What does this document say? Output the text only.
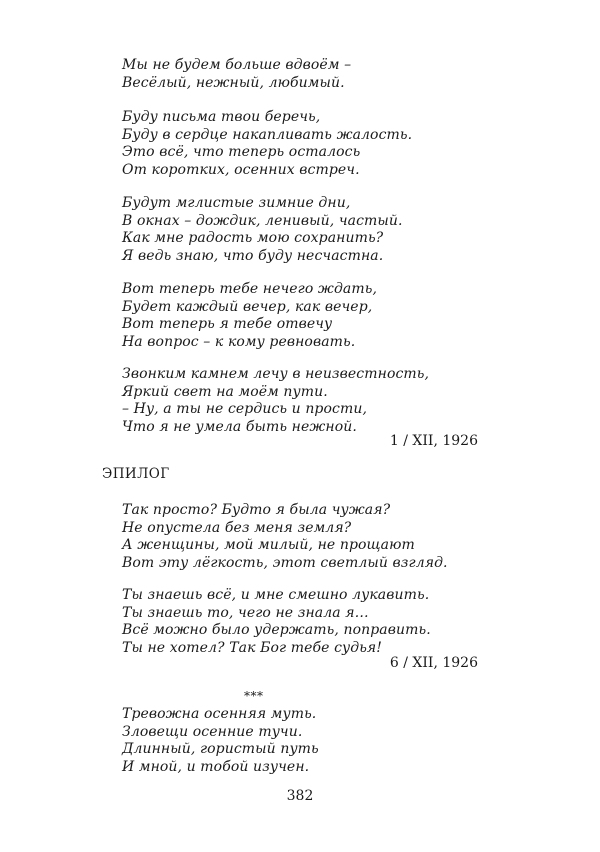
Мы не будем больше вдвоём –
Весёлый, нежный, любимый.
Буду письма твои беречь,
Буду в сердце накапливать жалость.
Это всё, что теперь осталось
От коротких, осенних встреч.
Будут мглистые зимние дни,
В окнах – дождик, ленивый, частый.
Как мне радость мою сохранить?
Я ведь знаю, что буду несчастна.
Вот теперь тебе нечего ждать,
Будет каждый вечер, как вечер,
Вот теперь я тебе отвечу
На вопрос – к кому ревновать.
Звонким камнем лечу в неизвестность,
Яркий свет на моём пути.
– Ну, а ты не сердись и прости,
Что я не умела быть нежной.
1 / XII, 1926
ЭПИЛОГ
Так просто? Будто я была чужая?
Не опустела без меня земля?
А женщины, мой милый, не прощают
Вот эту лёгкость, этот светлый взгляд.
Ты знаешь всё, и мне смешно лукавить.
Ты знаешь то, чего не знала я…
Всё можно было удержать, поправить.
Ты не хотел? Так Бог тебе судья!
6 / XII, 1926
***
Тревожна осенняя муть.
Зловещи осенние тучи.
Длинный, гористый путь
И мной, и тобой изучен.
382
